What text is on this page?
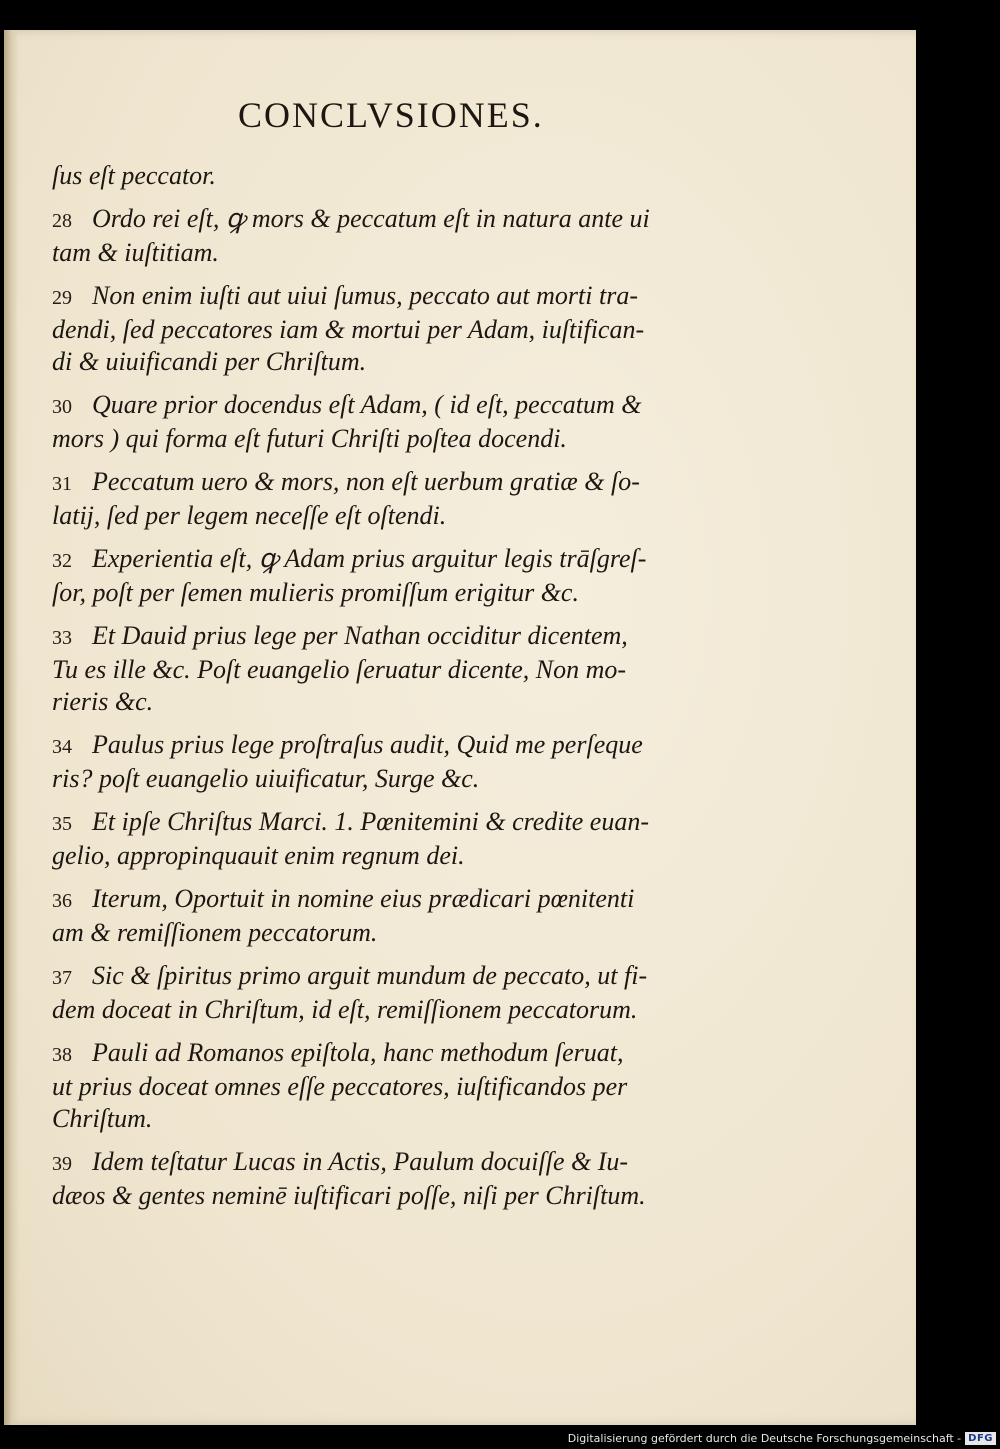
CONCLVSIONES.
ſus eſt peccator.
28 Ordo rei eſt, ꝙ mors & peccatum eſt in natura ante ui
tam & iuſtitiam.
29 Non enim iuſti aut uiui ſumus, peccato aut morti tra-
dendi, ſed peccatores iam & mortui per Adam, iuſtifican-
di & uiuificandi per Chriſtum.
30 Quare prior docendus eſt Adam, ( id eſt, peccatum &
mors ) qui forma eſt futuri Chriſti poſtea docendi.
31 Peccatum uero & mors, non eſt uerbum gratiæ & ſo-
latij, ſed per legem neceſſe eſt oſtendi.
32 Experientia eſt, ꝙ Adam prius arguitur legis trāſgreſ-
ſor, poſt per ſemen mulieris promiſſum erigitur &c.
33 Et Dauid prius lege per Nathan occiditur dicentem,
Tu es ille &c. Poſt euangelio ſeruatur dicente, Non mo-
rieris &c.
34 Paulus prius lege proſtraſus audit, Quid me perſeque
ris? poſt euangelio uiuificatur, Surge &c.
35 Et ipſe Chriſtus Marci. 1. Pœnitemini & credite euan-
gelio, appropinquauit enim regnum dei.
36 Iterum, Oportuit in nomine eius prædicari pœnitenti
am & remiſſionem peccatorum.
37 Sic & ſpiritus primo arguit mundum de peccato, ut fi-
dem doceat in Chriſtum, id eſt, remiſſionem peccatorum.
38 Pauli ad Romanos epiſtola, hanc methodum ſeruat,
ut prius doceat omnes eſſe peccatores, iuſtificandos per
Chriſtum.
39 Idem teſtatur Lucas in Actis, Paulum docuiſſe & Iu-
dæos & gentes neminē iuſtificari poſſe, niſi per Chriſtum.
Digitalisierung gefördert durch die Deutsche Forschungsgemeinschaft - DFG
